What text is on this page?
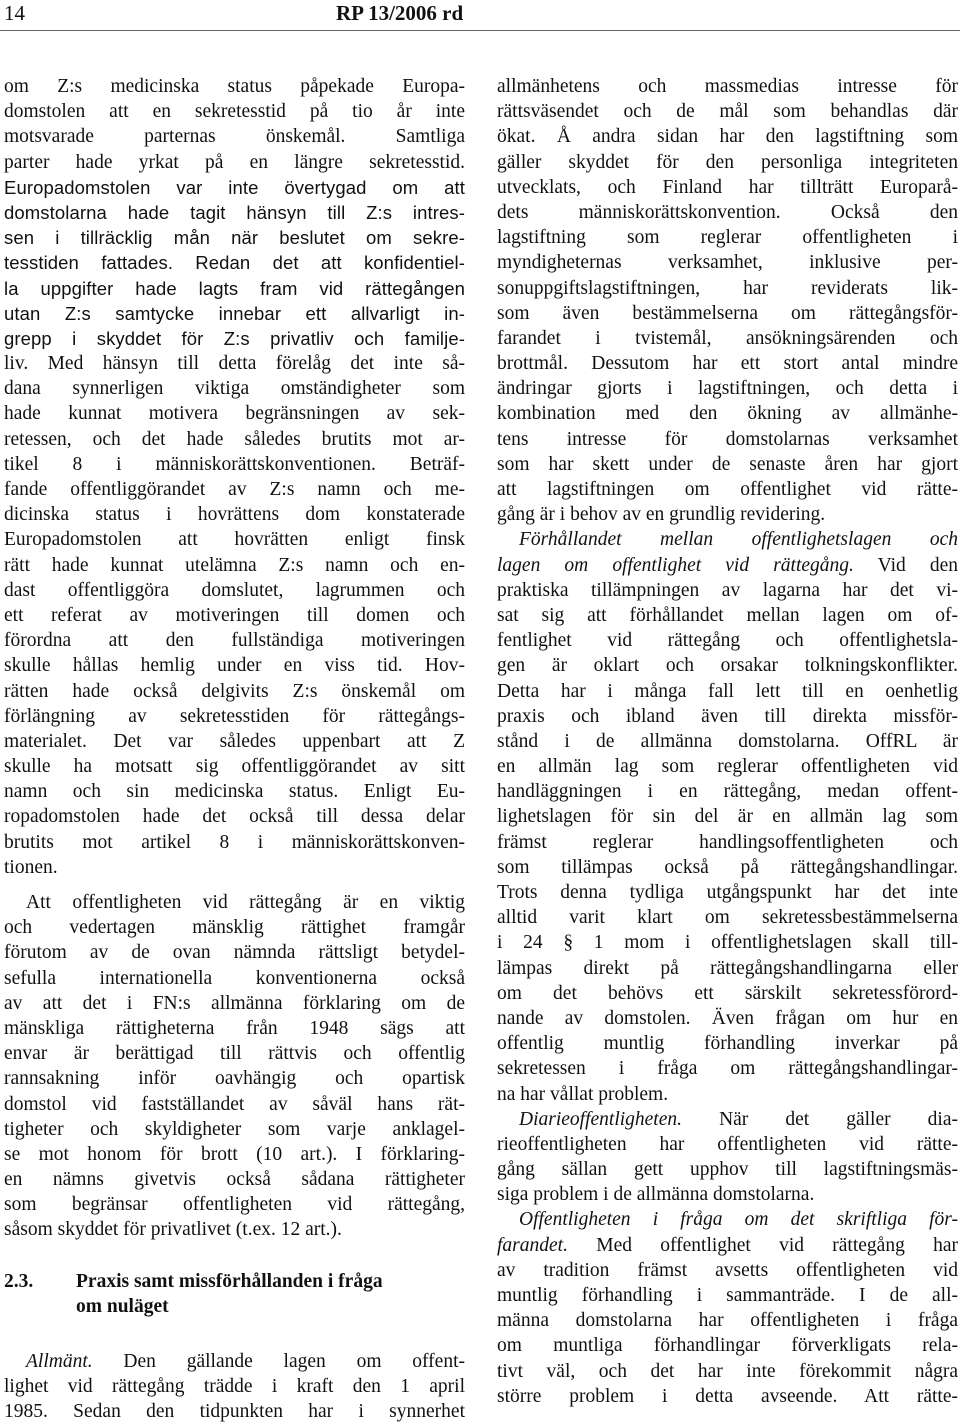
14	RP 13/2006 rd
om Z:s medicinska status påpekade Europa-
domstolen att en sekretesstid på tio år inte
motsvarade parternas önskemål. Samtliga
parter hade yrkat på en längre sekretesstid.
Europadomstolen var inte övertygad om att
domstolarna hade tagit hänsyn till Z:s intres-
sen i tillräcklig mån när beslutet om sekre-
tesstiden fattades. Redan det att konfidentiel-
la uppgifter hade lagts fram vid rättegången
utan Z:s samtycke innebar ett allvarligt in-
grepp i skyddet för Z:s privatliv och familje-
liv. Med hänsyn till detta förelåg det inte så-
dana synnerligen viktiga omständigheter som
hade kunnat motivera begränsningen av sek-
retessen, och det hade således brutits mot ar-
tikel 8 i människorättskonventionen. Beträf-
fande offentliggörandet av Z:s namn och me-
dicinska status i hovrättens dom konstaterade
Europadomstolen att hovrätten enligt finsk
rätt hade kunnat utelämna Z:s namn och en-
dast offentliggöra domslutet, lagrummen och
ett referat av motiveringen till domen och
förordna att den fullständiga motiveringen
skulle hållas hemlig under en viss tid. Hov-
rätten hade också delgivits Z:s önskemål om
förlängning av sekretesstiden för rättegångs-
materialet. Det var således uppenbart att Z
skulle ha motsatt sig offentliggörandet av sitt
namn och sin medicinska status. Enligt Eu-
ropadomstolen hade det också till dessa delar
brutits mot artikel 8 i människorättskonven-
tionen.
Att offentligheten vid rättegång är en viktig
och vedertagen mänsklig rättighet framgår
förutom av de ovan nämnda rättsligt betydel-
sefulla internationella konventionerna också
av att det i FN:s allmänna förklaring om de
mänskliga rättigheterna från 1948 sägs att
envar är berättigad till rättvis och offentlig
rannsakning inför oavhängig och opartisk
domstol vid fastställandet av såväl hans rät-
tigheter och skyldigheter som varje anklagel-
se mot honom för brott (10 art.). I förklaring-
en nämns givetvis också sådana rättigheter
som begränsar offentligheten vid rättegång,
såsom skyddet för privatlivet (t.ex. 12 art.).
2.3. Praxis samt missförhållanden i fråga
om nuläget
Allmänt. Den gällande lagen om offent-
lighet vid rättegång trädde i kraft den 1 april
1985. Sedan den tidpunkten har i synnerhet
allmänhetens och massmedias intresse för
rättsväsendet och de mål som behandlas där
ökat. Å andra sidan har den lagstiftning som
gäller skyddet för den personliga integriteten
utvecklats, och Finland har tillträtt Europarå-
dets människorättskonvention. Också den
lagstiftning som reglerar offentligheten i
myndigheternas verksamhet, inklusive per-
sonuppgiftslagstiftningen, har reviderats lik-
som även bestämmelserna om rättegångsför-
farandet i tvistemål, ansökningsärenden och
brottmål. Dessutom har ett stort antal mindre
ändringar gjorts i lagstiftningen, och detta i
kombination med den ökning av allmänhe-
tens intresse för domstolarnas verksamhet
som har skett under de senaste åren har gjort
att lagstiftningen om offentlighet vid rätte-
gång är i behov av en grundlig revidering.
Förhållandet mellan offentlighetslagen och
lagen om offentlighet vid rättegång. Vid den
praktiska tillämpningen av lagarna har det vi-
sat sig att förhållandet mellan lagen om of-
fentlighet vid rättegång och offentlighetsla-
gen är oklart och orsakar tolkningskonflikter.
Detta har i många fall lett till en oenhetlig
praxis och ibland även till direkta missför-
stånd i de allmänna domstolarna. OffRL är
en allmän lag som reglerar offentligheten vid
handläggningen i en rättegång, medan offent-
lighetslagen för sin del är en allmän lag som
främst reglerar handlingsoffentligheten och
som tillämpas också på rättegångshandlingar.
Trots denna tydliga utgångspunkt har det inte
alltid varit klart om sekretessbestämmelserna
i 24 § 1 mom i offentlighetslagen skall till-
lämpas direkt på rättegångshandlingarna eller
om det behövs ett särskilt sekretessförord-
nande av domstolen. Även frågan om hur en
offentlig muntlig förhandling inverkar på
sekretessen i fråga om rättegångshandlingar-
na har vållat problem.
Diarieoffentligheten. När det gäller dia-
rieoffentligheten har offentligheten vid rätte-
gång sällan gett upphov till lagstiftningsmäs-
siga problem i de allmänna domstolarna.
Offentligheten i fråga om det skriftliga för-
farandet. Med offentlighet vid rättegång har
av tradition främst avsetts offentligheten vid
muntlig förhandling i sammanträde. I de all-
männa domstolarna har offentligheten i fråga
om muntliga förhandlingar förverkligats rela-
tivt väl, och det har inte förekommit några
större problem i detta avseende. Att rätte-
